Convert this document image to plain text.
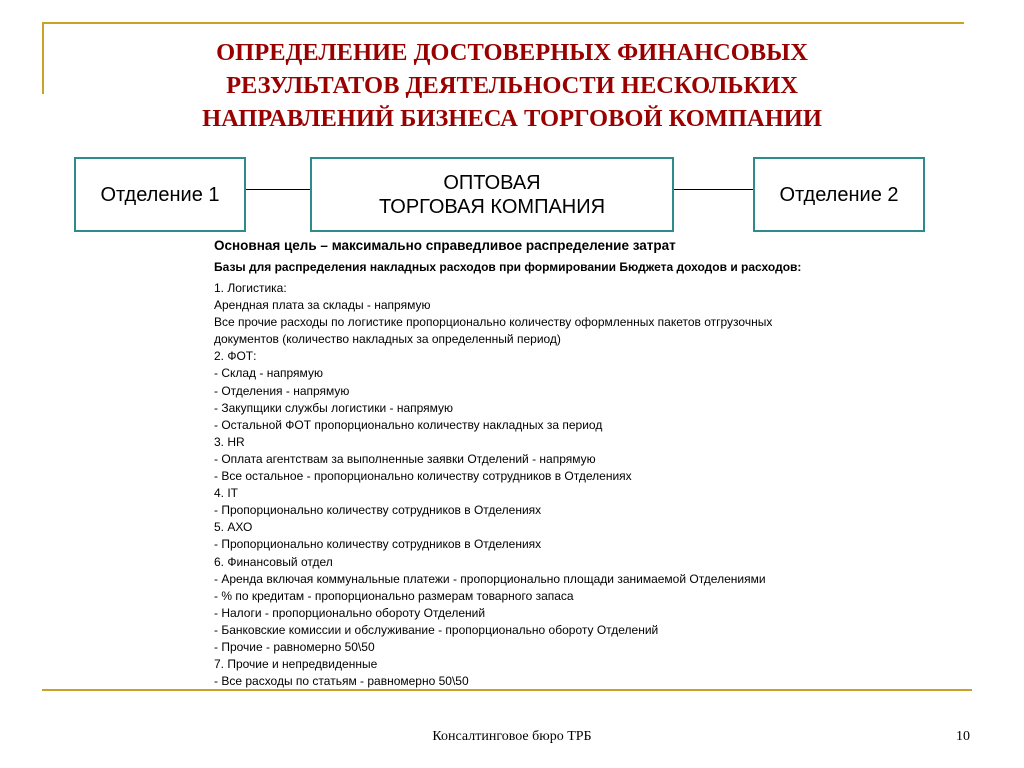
ОПРЕДЕЛЕНИЕ ДОСТОВЕРНЫХ ФИНАНСОВЫХ
РЕЗУЛЬТАТОВ ДЕЯТЕЛЬНОСТИ НЕСКОЛЬКИХ
НАПРАВЛЕНИЙ БИЗНЕСА ТОРГОВОЙ КОМПАНИИ
Отделение 1
ОПТОВАЯ
ТОРГОВАЯ КОМПАНИЯ
Отделение 2
Основная цель – максимально справедливое распределение затрат
Базы для распределения накладных расходов при формировании Бюджета доходов и расходов:
1. Логистика:
Арендная плата за склады - напрямую
Все прочие расходы по логистике пропорционально количеству оформленных пакетов отгрузочных
документов (количество накладных за определенный период)
2. ФОТ:
- Склад - напрямую
- Отделения - напрямую
- Закупщики службы логистики - напрямую
- Остальной ФОТ пропорционально количеству накладных за период
3. HR
- Оплата агентствам за выполненные заявки Отделений - напрямую
- Все остальное - пропорционально количеству сотрудников в Отделениях
4. IT
- Пропорционально количеству сотрудников в Отделениях
5. АХО
- Пропорционально количеству сотрудников в Отделениях
6. Финансовый отдел
- Аренда включая коммунальные платежи - пропорционально площади занимаемой Отделениями
- % по кредитам - пропорционально размерам товарного запаса
- Налоги - пропорционально обороту Отделений
- Банковские комиссии и обслуживание - пропорционально обороту Отделений
- Прочие - равномерно 50\50
7. Прочие и непредвиденные
- Все расходы по статьям - равномерно 50\50
Консалтинговое бюро ТРБ	10
